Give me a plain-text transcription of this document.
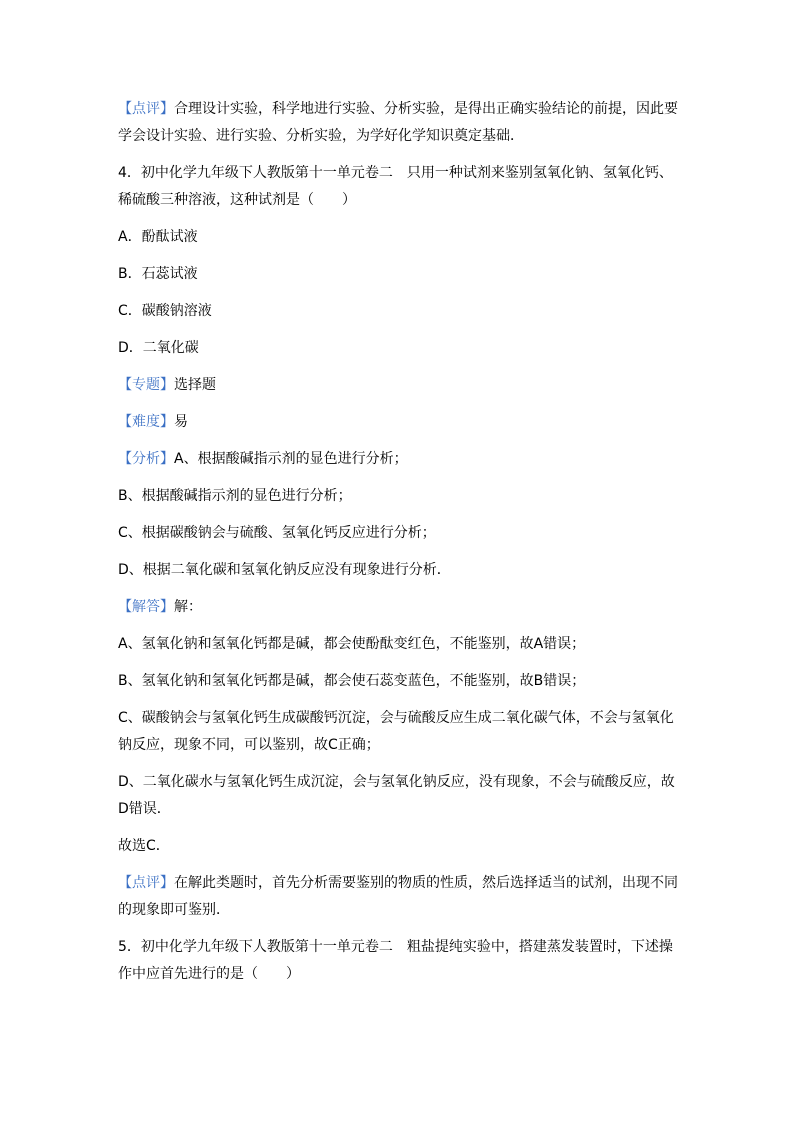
【点评】合理设计实验，科学地进行实验、分析实验，是得出正确实验结论的前提，因此要学会设计实验、进行实验、分析实验，为学好化学知识奠定基础．

4．初中化学九年级下人教版第十一单元卷二　只用一种试剂来鉴别氢氧化钠、氢氧化钙、稀硫酸三种溶液，这种试剂是（　　）

A．酚酞试液

B．石蕊试液

C．碳酸钠溶液

D．二氧化碳

【专题】选择题

【难度】易

【分析】A、根据酸碱指示剂的显色进行分析；

B、根据酸碱指示剂的显色进行分析；

C、根据碳酸钠会与硫酸、氢氧化钙反应进行分析；

D、根据二氧化碳和氢氧化钠反应没有现象进行分析．

【解答】解：

A、氢氧化钠和氢氧化钙都是碱，都会使酚酞变红色，不能鉴别，故A错误；

B、氢氧化钠和氢氧化钙都是碱，都会使石蕊变蓝色，不能鉴别，故B错误；

C、碳酸钠会与氢氧化钙生成碳酸钙沉淀，会与硫酸反应生成二氧化碳气体，不会与氢氧化钠反应，现象不同，可以鉴别，故C正确；

D、二氧化碳水与氢氧化钙生成沉淀，会与氢氧化钠反应，没有现象，不会与硫酸反应，故D错误．

故选C．

【点评】在解此类题时，首先分析需要鉴别的物质的性质，然后选择适当的试剂，出现不同的现象即可鉴别．

5．初中化学九年级下人教版第十一单元卷二　粗盐提纯实验中，搭建蒸发装置时，下述操作中应首先进行的是（　　）
